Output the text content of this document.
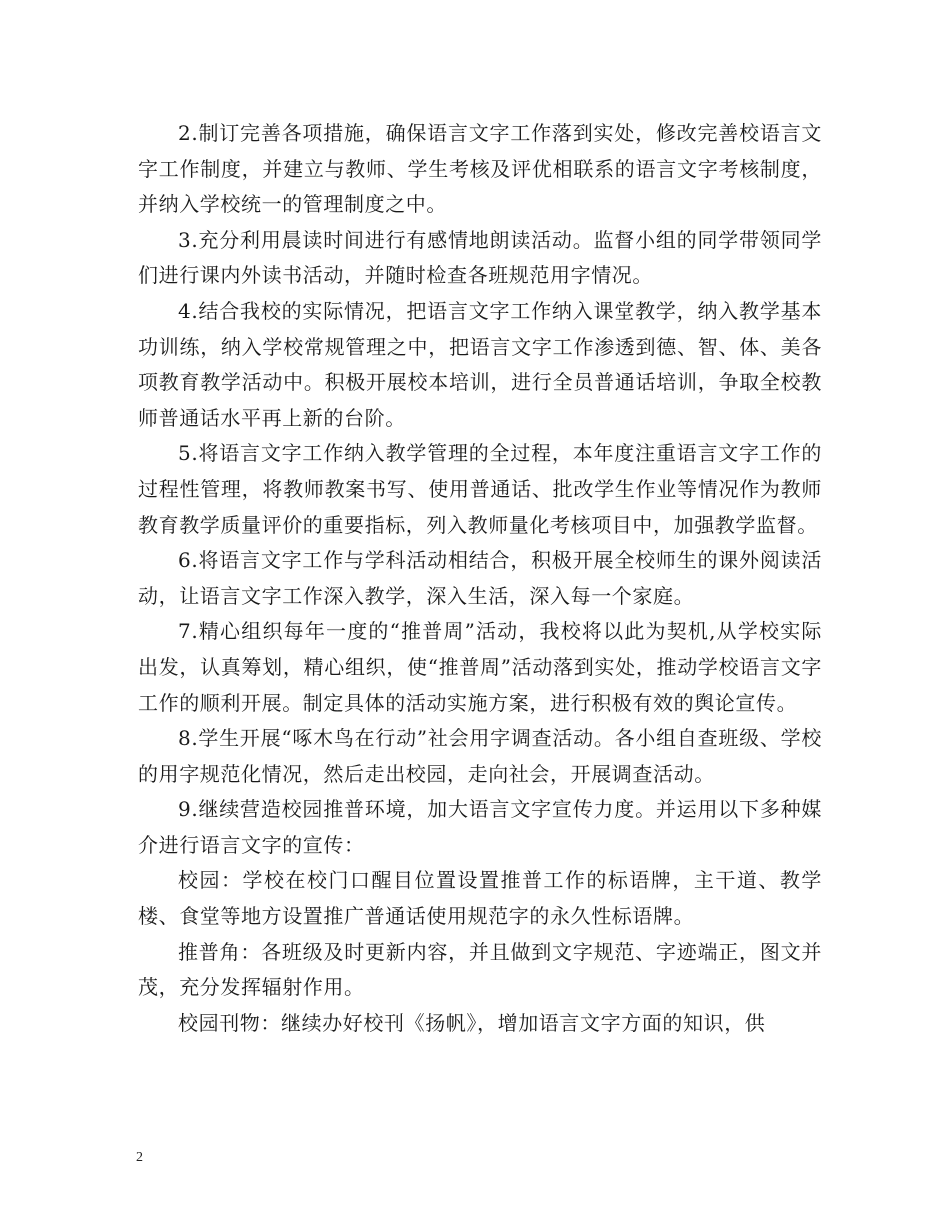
2.制订完善各项措施，确保语言文字工作落到实处，修改完善校语言文字工作制度，并建立与教师、学生考核及评优相联系的语言文字考核制度，并纳入学校统一的管理制度之中。

3.充分利用晨读时间进行有感情地朗读活动。监督小组的同学带领同学们进行课内外读书活动，并随时检查各班规范用字情况。

4.结合我校的实际情况，把语言文字工作纳入课堂教学，纳入教学基本功训练，纳入学校常规管理之中，把语言文字工作渗透到德、智、体、美各项教育教学活动中。积极开展校本培训，进行全员普通话培训，争取全校教师普通话水平再上新的台阶。

5.将语言文字工作纳入教学管理的全过程，本年度注重语言文字工作的过程性管理，将教师教案书写、使用普通话、批改学生作业等情况作为教师教育教学质量评价的重要指标，列入教师量化考核项目中，加强教学监督。

6.将语言文字工作与学科活动相结合，积极开展全校师生的课外阅读活动，让语言文字工作深入教学，深入生活，深入每一个家庭。

7.精心组织每年一度的“推普周”活动，我校将以此为契机,从学校实际出发，认真筹划，精心组织，使“推普周”活动落到实处，推动学校语言文字工作的顺利开展。制定具体的活动实施方案，进行积极有效的舆论宣传。

8.学生开展“啄木鸟在行动”社会用字调查活动。各小组自查班级、学校的用字规范化情况，然后走出校园，走向社会，开展调查活动。

9.继续营造校园推普环境，加大语言文字宣传力度。并运用以下多种媒介进行语言文字的宣传：

校园：学校在校门口醒目位置设置推普工作的标语牌，主干道、教学楼、食堂等地方设置推广普通话使用规范字的永久性标语牌。

推普角：各班级及时更新内容，并且做到文字规范、字迹端正，图文并茂，充分发挥辐射作用。

校园刊物：继续办好校刊《扬帆》，增加语言文字方面的知识，供

2
